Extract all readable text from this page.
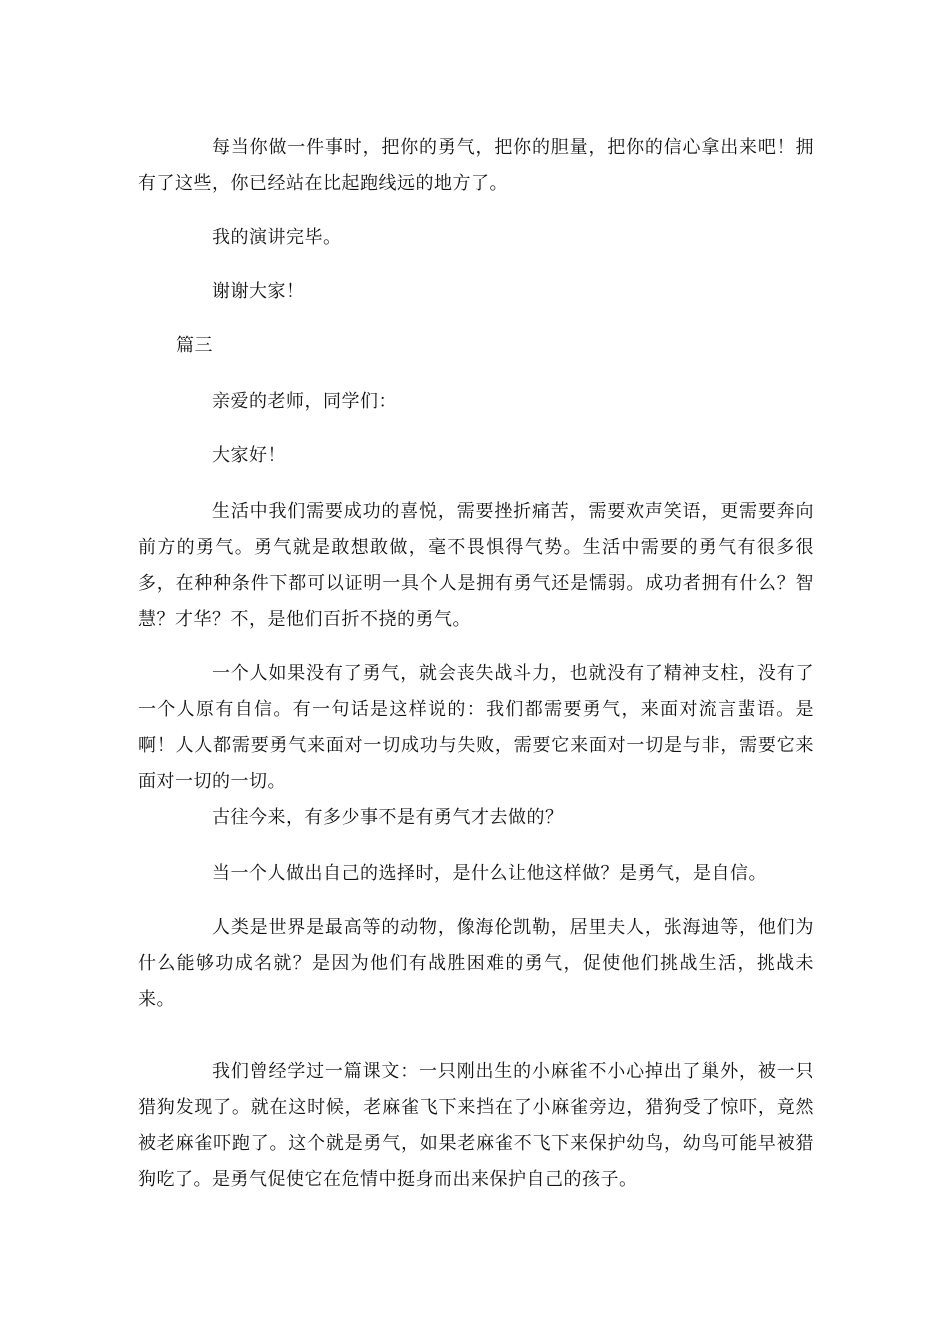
每当你做一件事时，把你的勇气，把你的胆量，把你的信心拿出来吧！拥有了这些，你已经站在比起跑线远的地方了。

我的演讲完毕。

谢谢大家！

篇三

亲爱的老师，同学们：

大家好！

生活中我们需要成功的喜悦，需要挫折痛苦，需要欢声笑语，更需要奔向前方的勇气。勇气就是敢想敢做，毫不畏惧得气势。生活中需要的勇气有很多很多，在种种条件下都可以证明一具个人是拥有勇气还是懦弱。成功者拥有什么？智慧？才华？不，是他们百折不挠的勇气。

一个人如果没有了勇气，就会丧失战斗力，也就没有了精神支柱，没有了一个人原有自信。有一句话是这样说的：我们都需要勇气，来面对流言蜚语。是啊！人人都需要勇气来面对一切成功与失败，需要它来面对一切是与非，需要它来面对一切的一切。

古往今来，有多少事不是有勇气才去做的？

当一个人做出自己的选择时，是什么让他这样做？是勇气，是自信。

人类是世界是最高等的动物，像海伦凯勒，居里夫人，张海迪等，他们为什么能够功成名就？是因为他们有战胜困难的勇气，促使他们挑战生活，挑战未来。

我们曾经学过一篇课文：一只刚出生的小麻雀不小心掉出了巢外，被一只猎狗发现了。就在这时候，老麻雀飞下来挡在了小麻雀旁边，猎狗受了惊吓，竟然被老麻雀吓跑了。这个就是勇气，如果老麻雀不飞下来保护幼鸟，幼鸟可能早被猎狗吃了。是勇气促使它在危情中挺身而出来保护自己的孩子。
